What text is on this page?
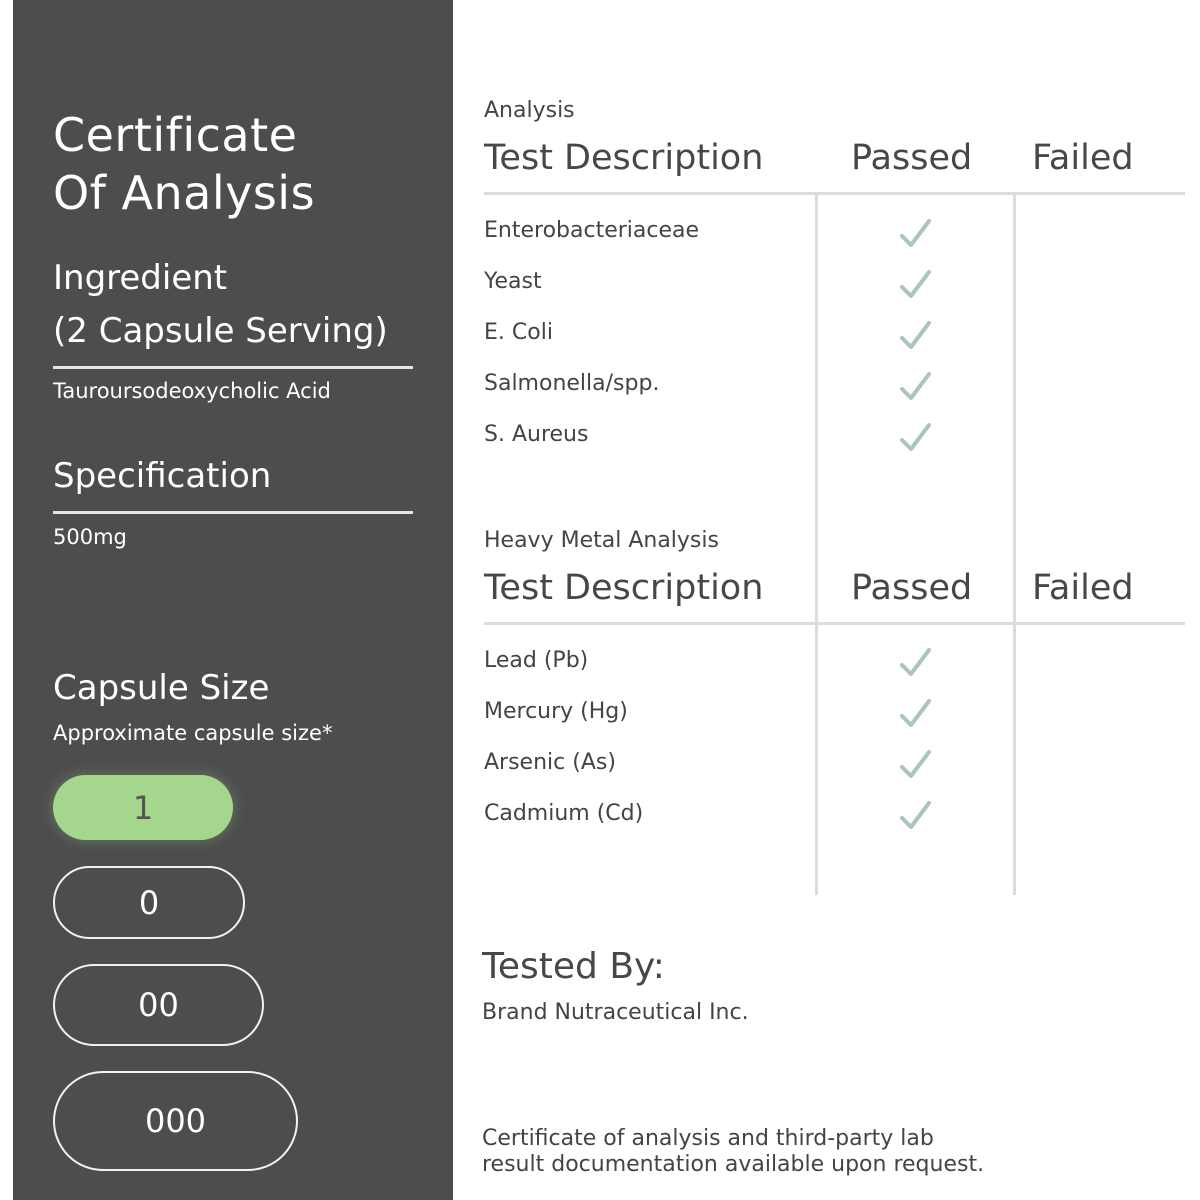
Certificate
Of Analysis
Ingredient
(2 Capsule Serving)
Tauroursodeoxycholic Acid
Specification
500mg
Capsule Size
Approximate capsule size*
1
0
00
000
Analysis
Test Description	Passed Failed
Enterobacteriaceae
Yeast
E. Coli
Salmonella/spp.
S. Aureus
Heavy Metal Analysis
Test Description	Passed Failed
Lead (Pb)
Mercury (Hg)
Arsenic (As)
Cadmium (Cd)
Tested By:
Brand Nutraceutical Inc.
Certificate of analysis and third-party lab
result documentation available upon request.
